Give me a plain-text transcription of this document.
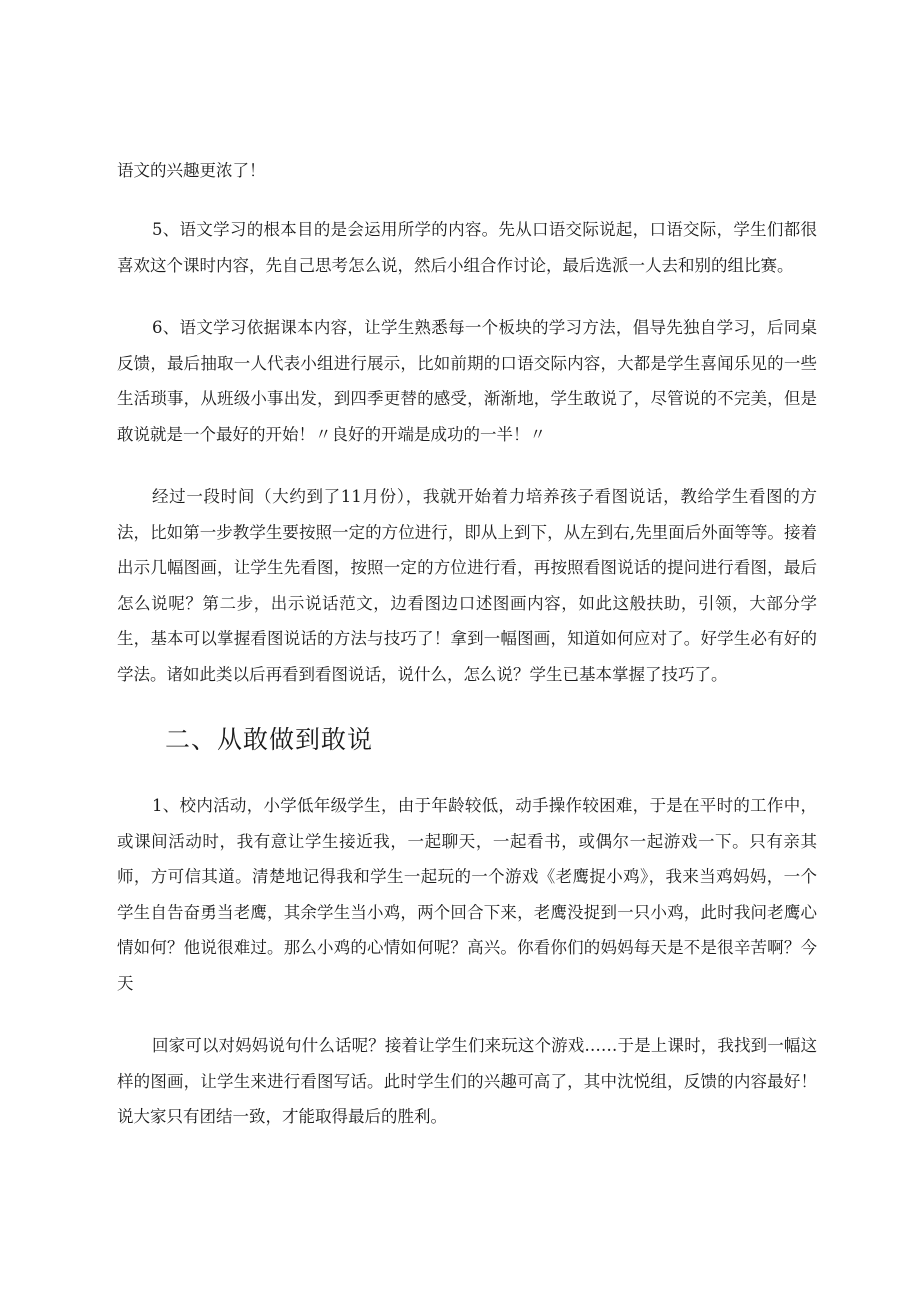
语文的兴趣更浓了！

5、语文学习的根本目的是会运用所学的内容。先从口语交际说起，口语交际，学生们都很喜欢这个课时内容，先自己思考怎么说，然后小组合作讨论，最后选派一人去和别的组比赛。

6、语文学习依据课本内容，让学生熟悉每一个板块的学习方法，倡导先独自学习，后同桌反馈，最后抽取一人代表小组进行展示，比如前期的口语交际内容，大都是学生喜闻乐见的一些生活琐事，从班级小事出发，到四季更替的感受，渐渐地，学生敢说了，尽管说的不完美，但是敢说就是一个最好的开始！〃良好的开端是成功的一半！〃

经过一段时间（大约到了11月份），我就开始着力培养孩子看图说话，教给学生看图的方法，比如第一步教学生要按照一定的方位进行，即从上到下，从左到右,先里面后外面等等。接着出示几幅图画，让学生先看图，按照一定的方位进行看，再按照看图说话的提问进行看图，最后怎么说呢？第二步，出示说话范文，边看图边口述图画内容，如此这般扶助，引领，大部分学生，基本可以掌握看图说话的方法与技巧了！拿到一幅图画，知道如何应对了。好学生必有好的学法。诸如此类以后再看到看图说话，说什么，怎么说？学生已基本掌握了技巧了。

二、从敢做到敢说

1、校内活动，小学低年级学生，由于年龄较低，动手操作较困难，于是在平时的工作中，或课间活动时，我有意让学生接近我，一起聊天，一起看书，或偶尔一起游戏一下。只有亲其师，方可信其道。清楚地记得我和学生一起玩的一个游戏《老鹰捉小鸡》，我来当鸡妈妈，一个学生自告奋勇当老鹰，其余学生当小鸡，两个回合下来，老鹰没捉到一只小鸡，此时我问老鹰心情如何？他说很难过。那么小鸡的心情如何呢？高兴。你看你们的妈妈每天是不是很辛苦啊？今天

回家可以对妈妈说句什么话呢？接着让学生们来玩这个游戏……于是上课时，我找到一幅这样的图画，让学生来进行看图写话。此时学生们的兴趣可高了，其中沈悦组，反馈的内容最好！说大家只有团结一致，才能取得最后的胜利。
